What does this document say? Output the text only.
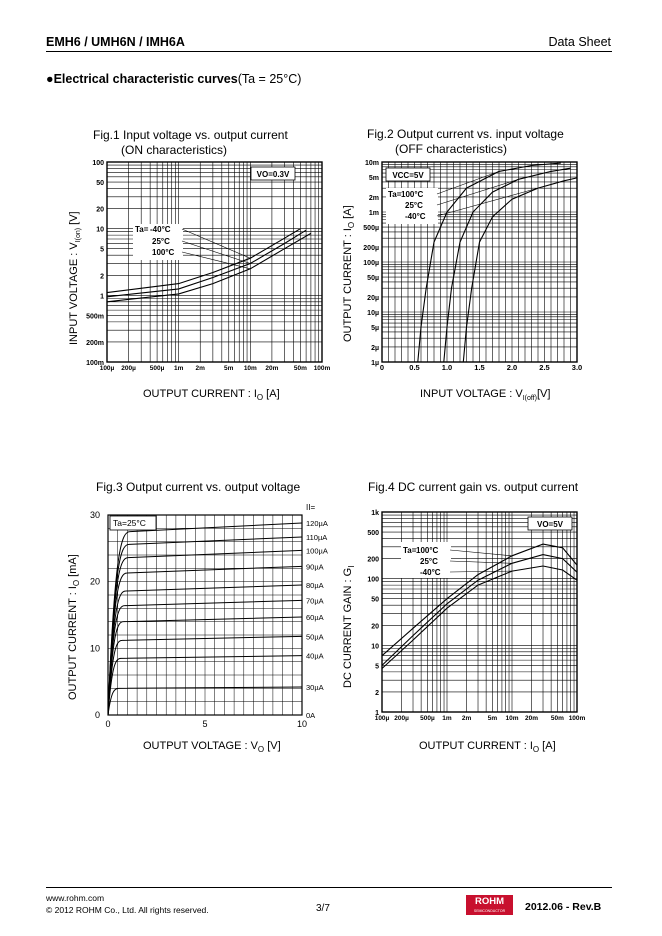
EMH6 / UMH6N / IMH6A	Data Sheet
●Electrical characteristic curves(Ta = 25°C)
Fig.1 Input voltage vs. output current
(ON characteristics)
100µ 200µ 500µ 1m 2m	5m 10m 20m 50m 100m
100m
200m
500m
1
2
5
10
20
50
100
VO=0.3V
Ta= -40°C
25°C
100°C
OUTPUT CURRENT : $I_O$ [A]
INPUT VOLTAGE : $V_{I(on)}$ [V]
Fig.2 Output current vs. input voltage
(OFF characteristics)
0	0.5	1.0	1.5	2.0	2.5	3.0
1µ
2µ
5µ
10µ
20µ
50µ
100µ
200µ
500µ
1m
2m
5m
10m
VCC=5V
Ta= 100°C
25°C
-40°C
INPUT VOLTAGE : $V_{I(off)}[V]$
OUTPUT CURRENT : $I_O$ [A]
Fig.3 Output current vs. output voltage
0	5	10
0
10
20
30
Ta=25°C
II=
120µA
110µA
100µA
90µA
80µA
70µA
60µA
50µA
40µA
30µA
0A
OUTPUT VOLTAGE : $V_O$ [V]
OUTPUT CURRENT : $I_O$ [mA]
Fig.4 DC current gain vs. output current
100µ 200µ 500µ 1m 2m	5m 10m 20m 50m 100m
1
2
5
10
20
50
100
200
500
1k
VO=5V
Ta= 100°C
25°C
-40°C
OUTPUT CURRENT : $I_O$ [A]
DC CURRENT GAIN : $G_I$
www.rohm.com
© 2012 ROHM Co., Ltd. All rights reserved.	3/7
ROHM
SEMICONDUCTOR	2012.06 - Rev.B
